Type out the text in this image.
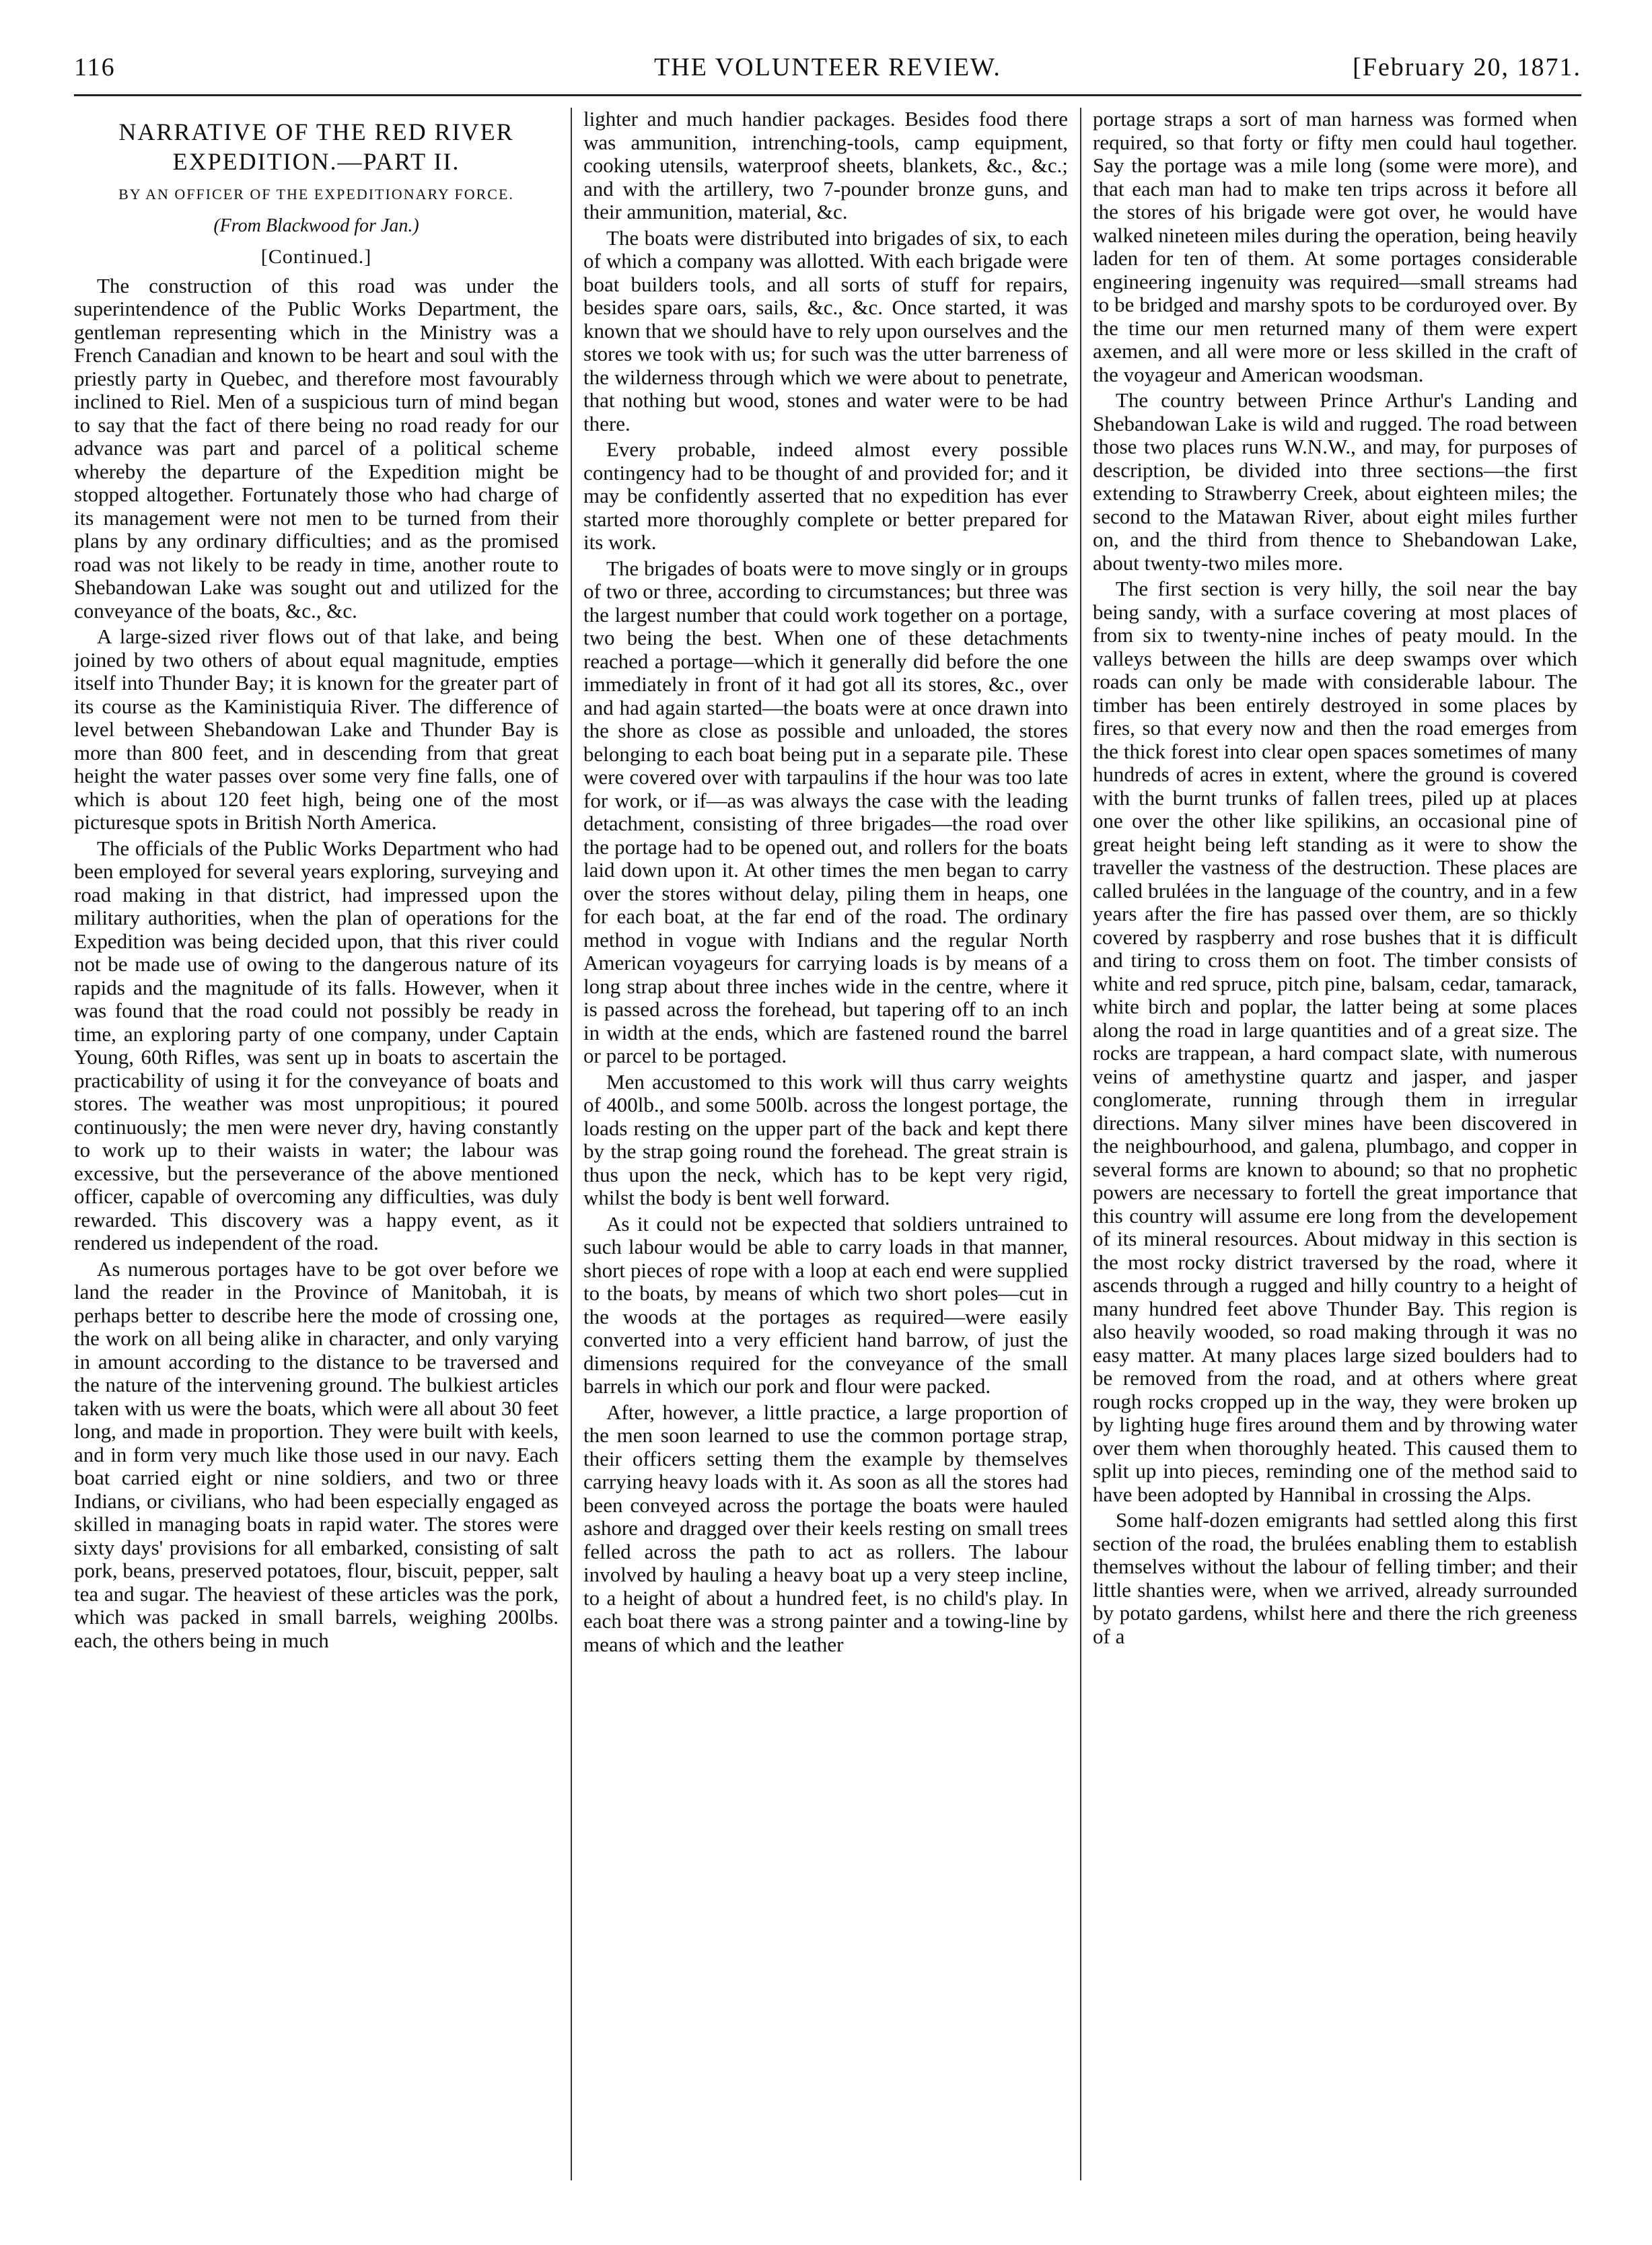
116	THE VOLUNTEER REVIEW.	[February 20, 1871.
NARRATIVE OF THE RED RIVER EXPEDITION.—PART II.
BY AN OFFICER OF THE EXPEDITIONARY FORCE.
(From Blackwood for Jan.)
[Continued.]

The construction of this road was under the superintendence of the Public Works Department, the gentleman representing which in the Ministry was a French Canadian and known to be heart and soul with the priestly party in Quebec, and therefore most favourably inclined to Riel. Men of a suspicious turn of mind began to say that the fact of there being no road ready for our advance was part and parcel of a political scheme whereby the departure of the Expedition might be stopped altogether. Fortunately those who had charge of its management were not men to be turned from their plans by any ordinary difficulties; and as the promised road was not likely to be ready in time, another route to Shebandowan Lake was sought out and utilized for the conveyance of the boats, &c., &c.

A large-sized river flows out of that lake, and being joined by two others of about equal magnitude, empties itself into Thunder Bay; it is known for the greater part of its course as the Kaministiquia River. The difference of level between Shebandowan Lake and Thunder Bay is more than 800 feet, and in descending from that great height the water passes over some very fine falls, one of which is about 120 feet high, being one of the most picturesque spots in British North America.

The officials of the Public Works Department who had been employed for several years exploring, surveying and road making in that district, had impressed upon the military authorities, when the plan of operations for the Expedition was being decided upon, that this river could not be made use of owing to the dangerous nature of its rapids and the magnitude of its falls. However, when it was found that the road could not possibly be ready in time, an exploring party of one company, under Captain Young, 60th Rifles, was sent up in boats to ascertain the practicability of using it for the conveyance of boats and stores. The weather was most unpropitious; it poured continuously; the men were never dry, having constantly to work up to their waists in water; the labour was excessive, but the perseverance of the above mentioned officer, capable of overcoming any difficulties, was duly rewarded. This discovery was a happy event, as it rendered us independent of the road.

As numerous portages have to be got over before we land the reader in the Province of Manitobah, it is perhaps better to describe here the mode of crossing one, the work on all being alike in character, and only varying in amount according to the distance to be traversed and the nature of the intervening ground. The bulkiest articles taken with us were the boats, which were all about 30 feet long, and made in proportion. They were built with keels, and in form very much like those used in our navy. Each boat carried eight or nine soldiers, and two or three Indians, or civilians, who had been especially engaged as skilled in managing boats in rapid water. The stores were sixty days' provisions for all embarked, consisting of salt pork, beans, preserved potatoes, flour, biscuit, pepper, salt tea and sugar. The heaviest of these articles was the pork, which was packed in small barrels, weighing 200lbs. each, the others being in much

lighter and much handier packages. Besides food there was ammunition, intrenching-tools, camp equipment, cooking utensils, waterproof sheets, blankets, &c., &c.; and with the artillery, two 7-pounder bronze guns, and their ammunition, material, &c.

The boats were distributed into brigades of six, to each of which a company was allotted. With each brigade were boat builders tools, and all sorts of stuff for repairs, besides spare oars, sails, &c., &c. Once started, it was known that we should have to rely upon ourselves and the stores we took with us; for such was the utter barreness of the wilderness through which we were about to penetrate, that nothing but wood, stones and water were to be had there.

Every probable, indeed almost every possible contingency had to be thought of and provided for; and it may be confidently asserted that no expedition has ever started more thoroughly complete or better prepared for its work.

The brigades of boats were to move singly or in groups of two or three, according to circumstances; but three was the largest number that could work together on a portage, two being the best. When one of these detachments reached a portage—which it generally did before the one immediately in front of it had got all its stores, &c., over and had again started—the boats were at once drawn into the shore as close as possible and unloaded, the stores belonging to each boat being put in a separate pile. These were covered over with tarpaulins if the hour was too late for work, or if—as was always the case with the leading detachment, consisting of three brigades—the road over the portage had to be opened out, and rollers for the boats laid down upon it. At other times the men began to carry over the stores without delay, piling them in heaps, one for each boat, at the far end of the road. The ordinary method in vogue with Indians and the regular North American voyageurs for carrying loads is by means of a long strap about three inches wide in the centre, where it is passed across the forehead, but tapering off to an inch in width at the ends, which are fastened round the barrel or parcel to be portaged.

Men accustomed to this work will thus carry weights of 400lb., and some 500lb. across the longest portage, the loads resting on the upper part of the back and kept there by the strap going round the forehead. The great strain is thus upon the neck, which has to be kept very rigid, whilst the body is bent well forward.

As it could not be expected that soldiers untrained to such labour would be able to carry loads in that manner, short pieces of rope with a loop at each end were supplied to the boats, by means of which two short poles—cut in the woods at the portages as required—were easily converted into a very efficient hand barrow, of just the dimensions required for the conveyance of the small barrels in which our pork and flour were packed.

After, however, a little practice, a large proportion of the men soon learned to use the common portage strap, their officers setting them the example by themselves carrying heavy loads with it. As soon as all the stores had been conveyed across the portage the boats were hauled ashore and dragged over their keels resting on small trees felled across the path to act as rollers. The labour involved by hauling a heavy boat up a very steep incline, to a height of about a hundred feet, is no child's play. In each boat there was a strong painter and a towing-line by means of which and the leather

portage straps a sort of man harness was formed when required, so that forty or fifty men could haul together. Say the portage was a mile long (some were more), and that each man had to make ten trips across it before all the stores of his brigade were got over, he would have walked nineteen miles during the operation, being heavily laden for ten of them. At some portages considerable engineering ingenuity was required—small streams had to be bridged and marshy spots to be corduroyed over. By the time our men returned many of them were expert axemen, and all were more or less skilled in the craft of the voyageur and American woodsman.

The country between Prince Arthur's Landing and Shebandowan Lake is wild and rugged. The road between those two places runs W.N.W., and may, for purposes of description, be divided into three sections—the first extending to Strawberry Creek, about eighteen miles; the second to the Matawan River, about eight miles further on, and the third from thence to Shebandowan Lake, about twenty-two miles more.

The first section is very hilly, the soil near the bay being sandy, with a surface covering at most places of from six to twenty-nine inches of peaty mould. In the valleys between the hills are deep swamps over which roads can only be made with considerable labour. The timber has been entirely destroyed in some places by fires, so that every now and then the road emerges from the thick forest into clear open spaces sometimes of many hundreds of acres in extent, where the ground is covered with the burnt trunks of fallen trees, piled up at places one over the other like spilikins, an occasional pine of great height being left standing as it were to show the traveller the vastness of the destruction. These places are called brulées in the language of the country, and in a few years after the fire has passed over them, are so thickly covered by raspberry and rose bushes that it is difficult and tiring to cross them on foot. The timber consists of white and red spruce, pitch pine, balsam, cedar, tamarack, white birch and poplar, the latter being at some places along the road in large quantities and of a great size. The rocks are trappean, a hard compact slate, with numerous veins of amethystine quartz and jasper, and jasper conglomerate, running through them in irregular directions. Many silver mines have been discovered in the neighbourhood, and galena, plumbago, and copper in several forms are known to abound; so that no prophetic powers are necessary to fortell the great importance that this country will assume ere long from the developement of its mineral resources. About midway in this section is the most rocky district traversed by the road, where it ascends through a rugged and hilly country to a height of many hundred feet above Thunder Bay. This region is also heavily wooded, so road making through it was no easy matter. At many places large sized boulders had to be removed from the road, and at others where great rough rocks cropped up in the way, they were broken up by lighting huge fires around them and by throwing water over them when thoroughly heated. This caused them to split up into pieces, reminding one of the method said to have been adopted by Hannibal in crossing the Alps.

Some half-dozen emigrants had settled along this first section of the road, the brulées enabling them to establish themselves without the labour of felling timber; and their little shanties were, when we arrived, already surrounded by potato gardens, whilst here and there the rich greeness of a
